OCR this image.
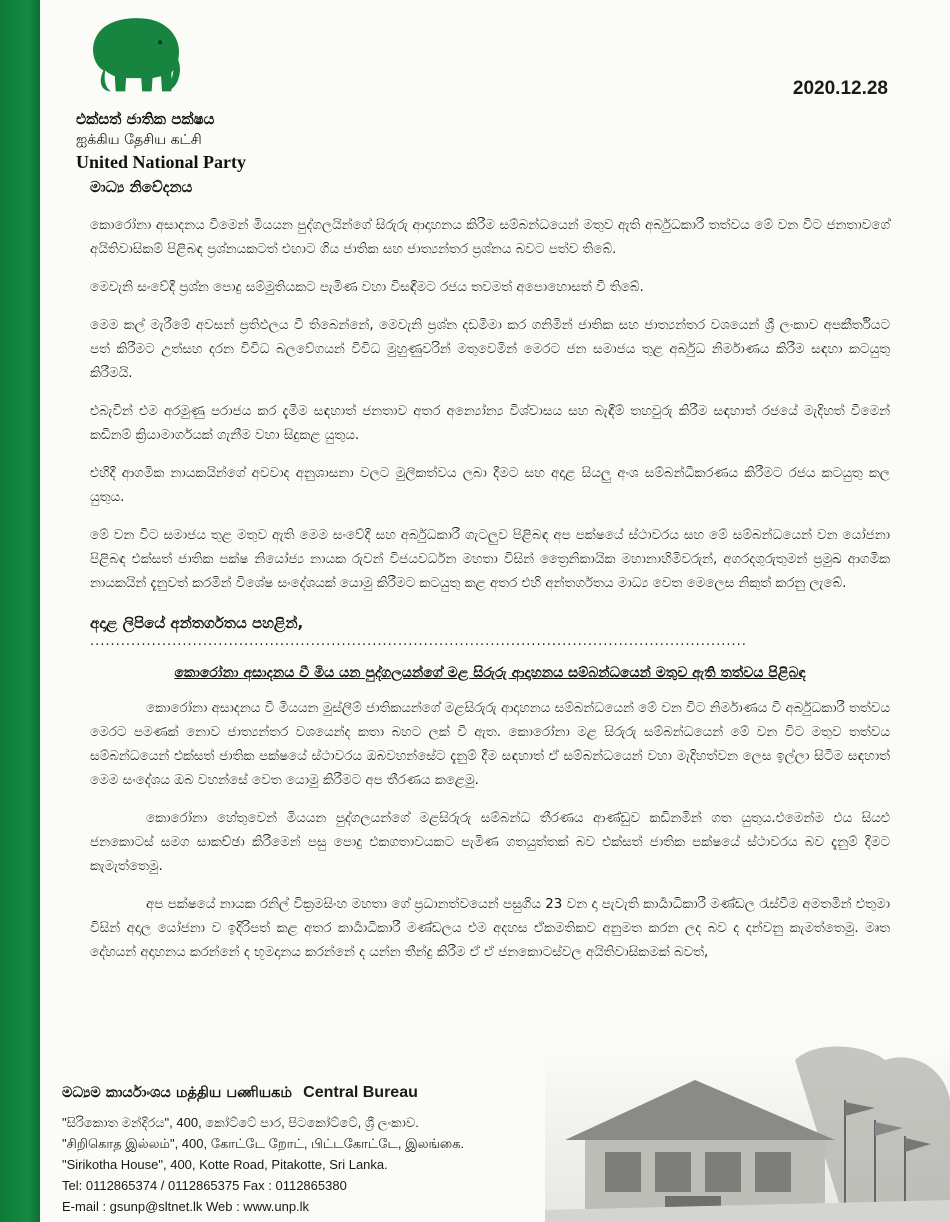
එක්සත් ජාතික පක්ෂය
ஐக்கிய தேசிய கட்சி
United National Party
2020.12.28
මාධ්‍ය නිවේදනය

කොරෝනා අසාදනය වීමෙන් මියයන පුද්ගලයින්ගේ සිරුරු ආදාහනය කිරීම සම්බන්ධයෙන් මතුව ඇති අර්බුධකාරී තත්වය මේ වන විට ජනතාවගේ අයිතිවාසිකම් පිළිබඳ ප්‍රශ්නයකටත් එහාට ගිය ජාතික සහ ජාත්‍යන්තර ප්‍රශ්නය බවට පත්ව තිබේ.

මෙවැනි සංවේදී ප්‍රශ්න පොදු සම්මුතියකට පැමිණ වහා විසඳීමට රජය තවමත් අපොහොසත් වී තිබේ.

මෙම කල් මැරීමේ අවසන් ප්‍රතිඵලය වී තිබෙන්නේ, මෙවැනි ප්‍රශ්න දඩමීමා කර ගනිමින් ජාතික සහ ජාත්‍යන්තර වශයෙන් ශ්‍රී ලංකාව අපකීර්තියට පත් කිරීමට උත්සහ දරන විවිධ බලවේගයන් විවිධ මුහුණුවරින් මතුවෙමින් මෙරට ජන සමාජය තුළ අර්බුධ නිර්මාණය කිරීම සඳහා කටයුතු කිරීමයි.

එබැවින් එම අරමුණු පරාජය කර දැමීම සඳහාත් ජනතාව අතර අන්‍යෝන්‍ය විශ්වාසය සහ බැඳීම් තහවුරු කිරීම සඳහාත් රජයේ මැදිහත් වීමෙන් කඩිනම් ක්‍රියාමාර්ගයක් ගැනීම වහා සිදුකළ යුතුය.

එහිදී ආගමික නායකයින්ගේ අවවාද අනුශාසනා වලට මුලිකත්වය ලබා දීමට සහ අදාළ සියලු අංශ සම්බන්ධීකරණය කිරීමට රජය කටයුතු කල යුතුය.

මේ වන විට සමාජය තුළ මතුව ඇති මෙම සංවේදී සහ අර්බුධකාරී ගැටලුව පිළිබඳ අප පක්ෂයේ ස්ථාවරය සහ මේ සම්බන්ධයෙන් වන යෝජනා පිළිබඳ එක්සත් ජාතික පක්ෂ නියෝජ්‍ය නායක රුවන් විජයවර්ධන මහතා විසින් ත්‍රෛනිකායික මහානාහිමිවරුන්, අගරදගුරුතුමන් ප්‍රමුඛ ආගමික නායකයින් දැනුවත් කරමින් විශේෂ සංදේශයක් යොමු කිරීමට කටයුතු කළ අතර එහි අන්තර්ගතය මාධ්‍ය වෙත මෙලෙස නිකුත් කරනු ලැබේ.

අදාළ ලිපියේ අන්තර්ගතය පහළින්,
................................................................................................................................
කොරෝනා අසාදනය වී මිය යන පුද්ගලයන්ගේ මළ සිරුරු ආදාහනය සම්බන්ධයෙන් මතුව ඇති තත්වය පිළිබඳ

කොරෝනා අසාදනය වී මියයන මුස්ලිම් ජාතිකයන්ගේ මළසිරුරු ආදාහනය සම්බන්ධයෙන් මේ වන විට නිර්මාණය වී අර්බුධකාරී තත්වය මෙරට පමණක් නොව ජාත්‍යන්තර වශයෙන්ද කතා බහට ලක් වී ඇත. කොරෝනා මළ සිරුරු සම්බන්ධයෙන් මේ වන විට මතුව තත්වය සම්බන්ධයෙන් එක්සත් ජාතික පක්ෂයේ ස්ථාවරය ඔබවහන්සේට දැනුම් දීම සඳහාත් ඒ සම්බන්ධයෙන් වහා මැදිහත්වන ලෙස ඉල්ලා සිටීම සඳහාත් මෙම සංදේශය ඔබ වහන්සේ වෙත යොමු කිරීමට අප තීරණය කළෙමු.

කොරෝනා හේතුවෙන් මියයන පුද්ගලයන්ගේ මළසිරුරු සම්බන්ධ තීරණය ආණ්ඩුව කඩිනමින් ගත යුතුය.එමෙන්ම එය සියළු ජනකොටස් සමග සාකච්ඡා කිරීමෙන් පසු පොදු එකගතාවයකට පැමිණ ගතයුත්තක් බව එක්සත් ජාතික පක්ෂයේ ස්ථාවරය බව දැනුම් දීමට කැමැත්තෙමු.

අප පක්ෂයේ නායක රනිල් වික්‍රමසිංහ මහතා ගේ ප්‍රධානත්වයෙන් පසුගිය 23 වන දා පැවැති කාර්‍යාධිකාරී මණ්ඩල රැස්වීම අමතමින් එතුමා විසින් අදාල යෝජනා ව ඉදිරිපත් කළ අතර කාර්‍යාධිකාරී මණ්ඩලය එම අදහස ඒකමතිකව අනුමත කරන ලද බව ද දන්වනු කැමත්තෙමු. මෘත දේහයන් අදාහනය කරන්නේ ද භූමදානය කරන්නේ ද යන්න තීන්දු කිරීම ඒ ඒ ජනකොටස්වල අයිතිවාසිකමක් බවත්,

මධ්‍යම කාර්යාංශය மத்திய பணியகம் Central Bureau
"සිරිකොත මන්දිරය", 400, කෝට්ටේ පාර, පිටකෝට්ටේ, ශ්‍රී ලංකාව.
"சிறிகொத இல்லம்", 400, கோட்டே றோட், பிட்டகோட்டே, இலங்கை.
"Sirikotha House", 400, Kotte Road, Pitakotte, Sri Lanka.
Tel: 0112865374 / 0112865375 Fax : 0112865380
E-mail : gsunp@sltnet.lk Web : www.unp.lk
